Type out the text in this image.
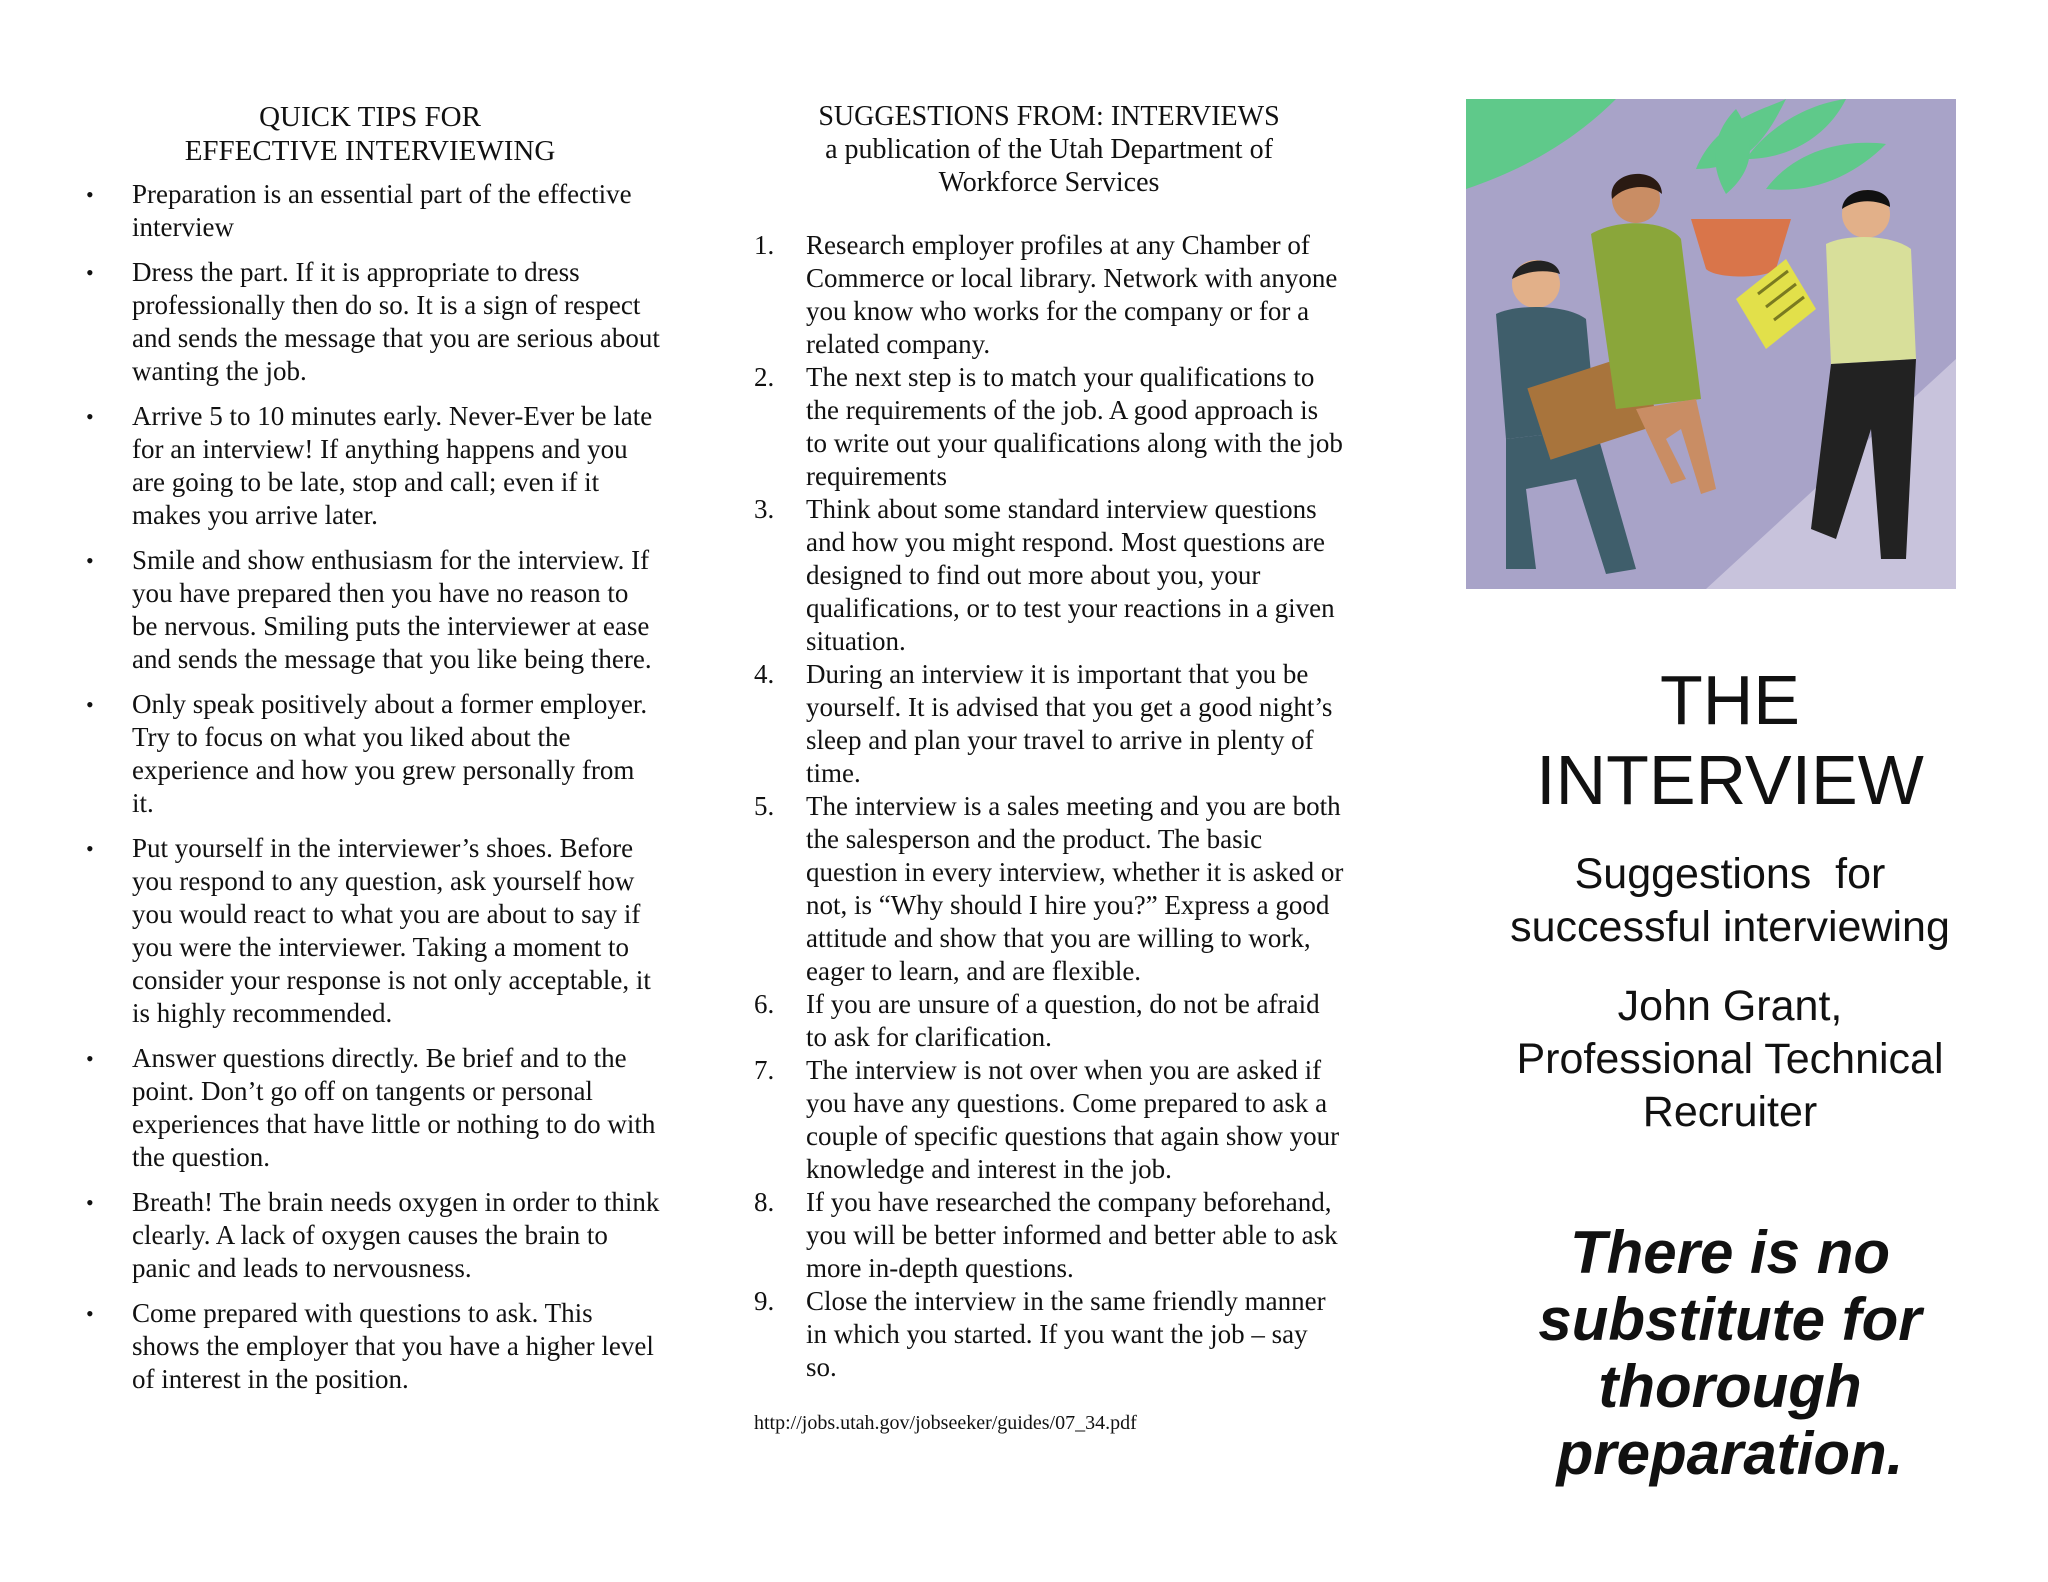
QUICK TIPS FOR
EFFECTIVE INTERVIEWING
• Preparation is an essential part of the effective interview
• Dress the part. If it is appropriate to dress professionally then do so. It is a sign of respect and sends the message that you are serious about wanting the job.
• Arrive 5 to 10 minutes early. Never-Ever be late for an interview! If anything happens and you are going to be late, stop and call; even if it makes you arrive later.
• Smile and show enthusiasm for the interview. If you have prepared then you have no reason to be nervous. Smiling puts the interviewer at ease and sends the message that you like being there.
• Only speak positively about a former employer. Try to focus on what you liked about the experience and how you grew personally from it.
• Put yourself in the interviewer’s shoes. Before you respond to any question, ask yourself how you would react to what you are about to say if you were the interviewer. Taking a moment to consider your response is not only acceptable, it is highly recommended.
• Answer questions directly. Be brief and to the point. Don’t go off on tangents or personal experiences that have little or nothing to do with the question.
• Breath! The brain needs oxygen in order to think clearly. A lack of oxygen causes the brain to panic and leads to nervousness.
• Come prepared with questions to ask. This shows the employer that you have a higher level of interest in the position.
SUGGESTIONS FROM: INTERVIEWS
a publication of the Utah Department of
Workforce Services
1. Research employer profiles at any Chamber of Commerce or local library. Network with anyone you know who works for the company or for a related company.
2. The next step is to match your qualifications to the requirements of the job. A good approach is to write out your qualifications along with the job requirements
3. Think about some standard interview questions and how you might respond. Most questions are designed to find out more about you, your qualifications, or to test your reactions in a given situation.
4. During an interview it is important that you be yourself. It is advised that you get a good night’s sleep and plan your travel to arrive in plenty of time.
5. The interview is a sales meeting and you are both the salesperson and the product. The basic question in every interview, whether it is asked or not, is “Why should I hire you?” Express a good attitude and show that you are willing to work, eager to learn, and are flexible.
6. If you are unsure of a question, do not be afraid to ask for clarification.
7. The interview is not over when you are asked if you have any questions. Come prepared to ask a couple of specific questions that again show your knowledge and interest in the job.
8. If you have researched the company beforehand, you will be better informed and better able to ask more in-depth questions.
9. Close the interview in the same friendly manner in which you started. If you want the job – say so.
http://jobs.utah.gov/jobseeker/guides/07_34.pdf
THE INTERVIEW
Suggestions  for
successful interviewing
John Grant,
Professional Technical
Recruiter
There is no
substitute for
thorough
preparation.
